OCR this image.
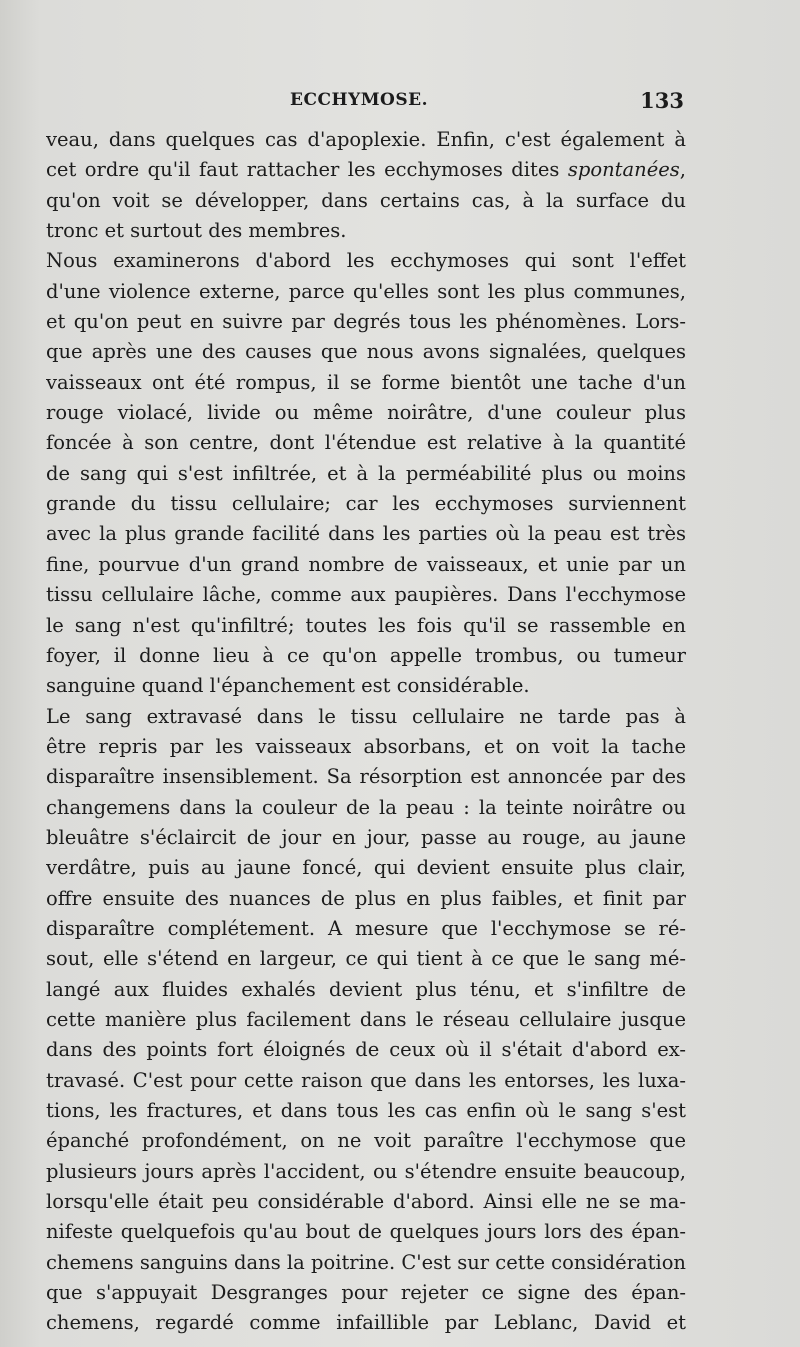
ECCHYMOSE.	133
veau, dans quelques cas d'apoplexie. Enfin, c'est également à
cet ordre qu'il faut rattacher les ecchymoses dites spontanées,
qu'on voit se développer, dans certains cas, à la surface du
tronc et surtout des membres.
Nous examinerons d'abord les ecchymoses qui sont l'effet
d'une violence externe, parce qu'elles sont les plus communes,
et qu'on peut en suivre par degrés tous les phénomènes. Lors-
que après une des causes que nous avons signalées, quelques
vaisseaux ont été rompus, il se forme bientôt une tache d'un
rouge violacé, livide ou même noirâtre, d'une couleur plus
foncée à son centre, dont l'étendue est relative à la quantité
de sang qui s'est infiltrée, et à la perméabilité plus ou moins
grande du tissu cellulaire; car les ecchymoses surviennent
avec la plus grande facilité dans les parties où la peau est très
fine, pourvue d'un grand nombre de vaisseaux, et unie par un
tissu cellulaire lâche, comme aux paupières. Dans l'ecchymose
le sang n'est qu'infiltré; toutes les fois qu'il se rassemble en
foyer, il donne lieu à ce qu'on appelle trombus, ou tumeur
sanguine quand l'épanchement est considérable.
Le sang extravasé dans le tissu cellulaire ne tarde pas à
être repris par les vaisseaux absorbans, et on voit la tache
disparaître insensiblement. Sa résorption est annoncée par des
changemens dans la couleur de la peau : la teinte noirâtre ou
bleuâtre s'éclaircit de jour en jour, passe au rouge, au jaune
verdâtre, puis au jaune foncé, qui devient ensuite plus clair,
offre ensuite des nuances de plus en plus faibles, et finit par
disparaître complétement. A mesure que l'ecchymose se ré-
sout, elle s'étend en largeur, ce qui tient à ce que le sang mé-
langé aux fluides exhalés devient plus ténu, et s'infiltre de
cette manière plus facilement dans le réseau cellulaire jusque
dans des points fort éloignés de ceux où il s'était d'abord ex-
travasé. C'est pour cette raison que dans les entorses, les luxa-
tions, les fractures, et dans tous les cas enfin où le sang s'est
épanché profondément, on ne voit paraître l'ecchymose que
plusieurs jours après l'accident, ou s'étendre ensuite beaucoup,
lorsqu'elle était peu considérable d'abord. Ainsi elle ne se ma-
nifeste quelquefois qu'au bout de quelques jours lors des épan-
chemens sanguins dans la poitrine. C'est sur cette considération
que s'appuyait Desgranges pour rejeter ce signe des épan-
chemens, regardé comme infaillible par Leblanc, David et
